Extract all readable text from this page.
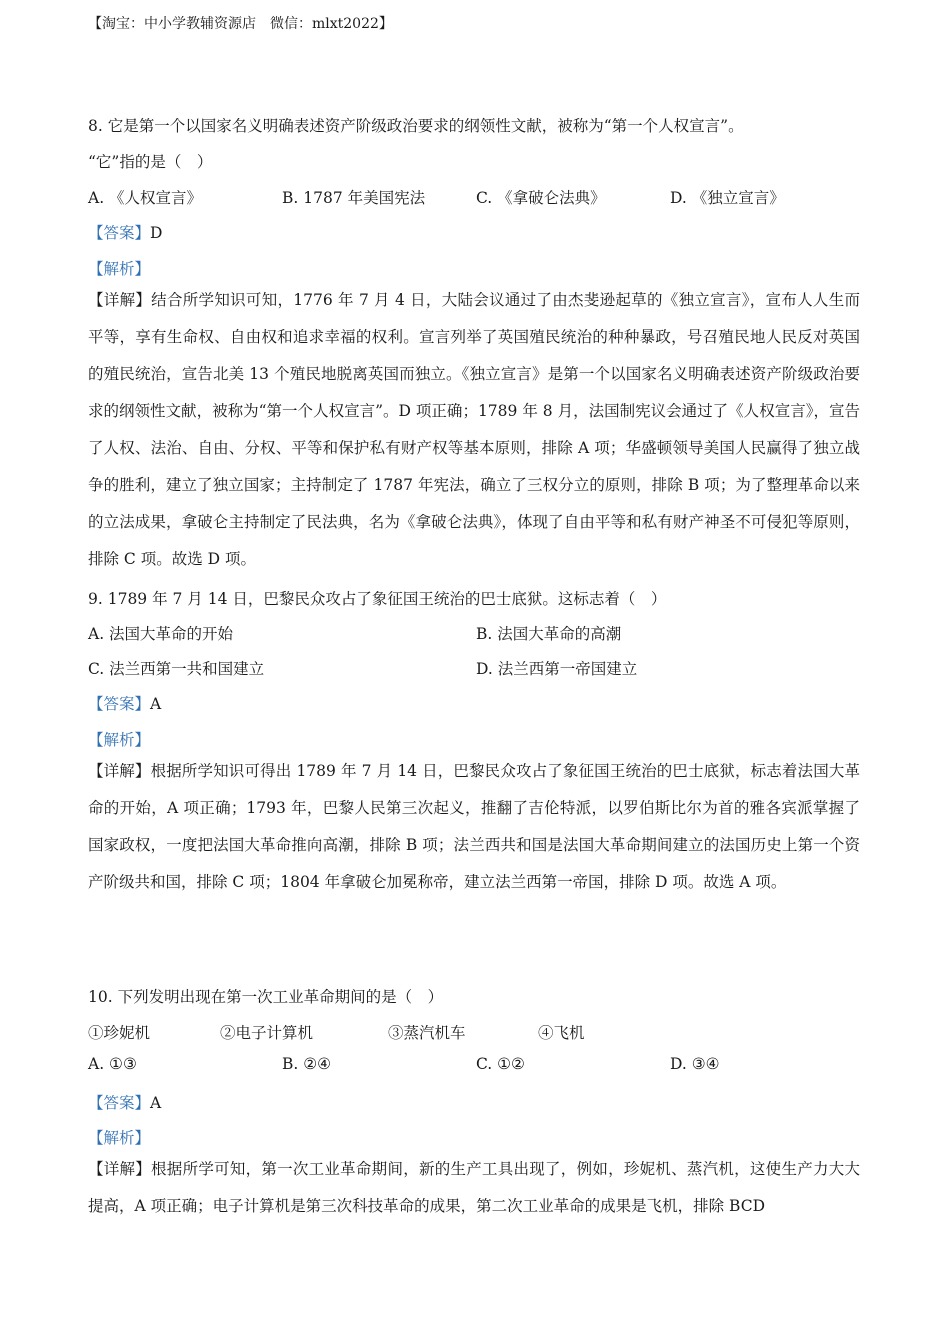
【淘宝：中小学教辅资源店　微信：mlxt2022】
8. 它是第一个以国家名义明确表述资产阶级政治要求的纲领性文献，被称为“第一个人权宣言”。
“它”指的是（　）
A. 《人权宣言》	B. 1787 年美国宪法	C. 《拿破仑法典》	D. 《独立宣言》
【答案】D
【解析】
【详解】结合所学知识可知，1776 年 7 月 4 日，大陆会议通过了由杰斐逊起草的《独立宣言》，宣布人人生而平等，享有生命权、自由权和追求幸福的权利。宣言列举了英国殖民统治的种种暴政，号召殖民地人民反对英国的殖民统治，宣告北美 13 个殖民地脱离英国而独立。《独立宣言》是第一个以国家名义明确表述资产阶级政治要求的纲领性文献，被称为“第一个人权宣言”。D 项正确；1789 年 8 月，法国制宪议会通过了《人权宣言》，宣告了人权、法治、自由、分权、平等和保护私有财产权等基本原则，排除 A 项；华盛顿领导美国人民赢得了独立战争的胜利，建立了独立国家；主持制定了 1787 年宪法，确立了三权分立的原则，排除 B 项；为了整理革命以来的立法成果，拿破仑主持制定了民法典，名为《拿破仑法典》，体现了自由平等和私有财产神圣不可侵犯等原则，排除 C 项。故选 D 项。
9. 1789 年 7 月 14 日，巴黎民众攻占了象征国王统治的巴士底狱。这标志着（　）
A. 法国大革命的开始	B. 法国大革命的高潮
C. 法兰西第一共和国建立	D. 法兰西第一帝国建立
【答案】A
【解析】
【详解】根据所学知识可得出 1789 年 7 月 14 日，巴黎民众攻占了象征国王统治的巴士底狱，标志着法国大革命的开始，A 项正确；1793 年，巴黎人民第三次起义，推翻了吉伦特派，以罗伯斯比尔为首的雅各宾派掌握了国家政权，一度把法国大革命推向高潮，排除 B 项；法兰西共和国是法国大革命期间建立的法国历史上第一个资产阶级共和国，排除 C 项；1804 年拿破仑加冕称帝，建立法兰西第一帝国，排除 D 项。故选 A 项。
10. 下列发明出现在第一次工业革命期间的是（　）
①珍妮机	②电子计算机	③蒸汽机车	④飞机
A. ①③	B. ②④	C. ①②	D. ③④
【答案】A
【解析】
【详解】根据所学可知，第一次工业革命期间，新的生产工具出现了，例如，珍妮机、蒸汽机，这使生产力大大提高，A 项正确；电子计算机是第三次科技革命的成果，第二次工业革命的成果是飞机，排除 BCD
